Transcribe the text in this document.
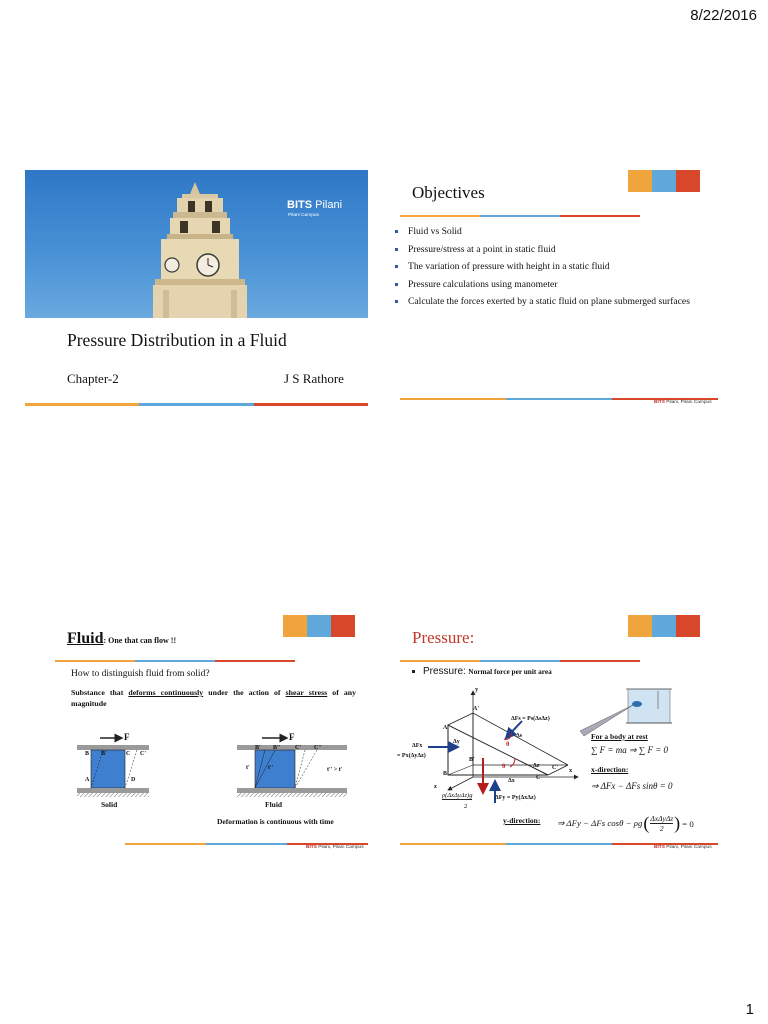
8/22/2016
1
BITS Pilani
Pilani Campus
Pressure Distribution in a Fluid
Chapter-2	J S Rathore
Objectives
Fluid vs Solid
Pressure/stress at a point in static fluid
The variation of pressure with height in a static fluid
Pressure calculations using manometer
Calculate the forces exerted by a static fluid on plane submerged surfaces
BITS Pilani, Pilani Campus
Fluid: One that can flow !!
How to distinguish fluid from solid?
Substance that deforms continuously under the action of shear stress of any magnitude
F
B B'	C C'
A	D
Solid
F
B' B'' C' C''
t'	t''	t'' > t'
Fluid
Deformation is continuous with time
BITS Pilani, Pilani Campus
Pressure:
Pressure: Normal force per unit area
y
x
z
A'
A
B'
B
C'
C
Δs
Δy
Δz
Δx
θ
θ
ΔFs = Ps(ΔsΔz)
ΔFx
= Px(ΔyΔz)
ΔFy = Py(ΔxΔz)
ρ(ΔxΔyΔz)g
2
For a body at rest
∑ F = ma ⇒ ∑ F = 0
x-direction:
⇒ ΔFx − ΔFs sinθ = 0
y-direction: ⇒ ΔFy − ΔFs cosθ − ρg ( ΔxΔyΔz
2 ) = 0
BITS Pilani, Pilani Campus
